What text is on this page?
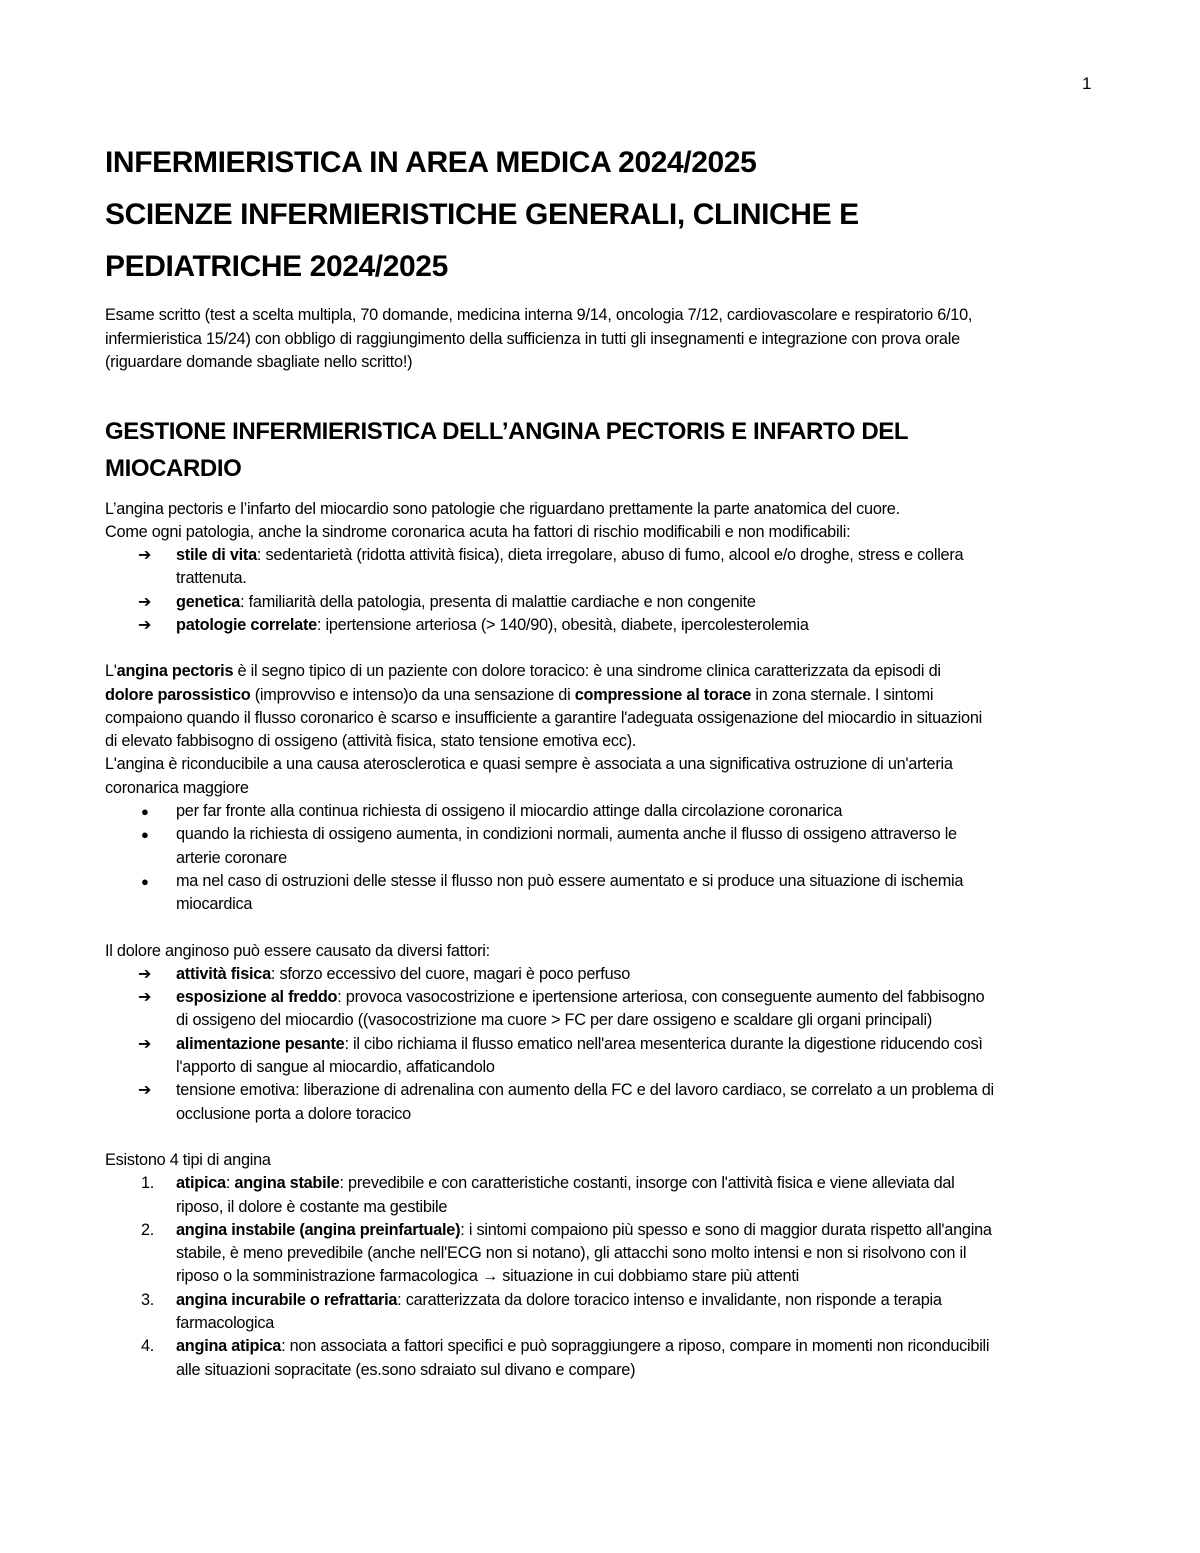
1
INFERMIERISTICA IN AREA MEDICA 2024/2025
SCIENZE INFERMIERISTICHE GENERALI, CLINICHE E
PEDIATRICHE 2024/2025

Esame scritto (test a scelta multipla, 70 domande, medicina interna 9/14, oncologia 7/12, cardiovascolare e respiratorio 6/10,
infermieristica 15/24) con obbligo di raggiungimento della sufficienza in tutti gli insegnamenti e integrazione con prova orale
(riguardare domande sbagliate nello scritto!)

GESTIONE INFERMIERISTICA DELL’ANGINA PECTORIS E INFARTO DEL
MIOCARDIO

L’angina pectoris e l’infarto del miocardio sono patologie che riguardano prettamente la parte anatomica del cuore.
Come ogni patologia, anche la sindrome coronarica acuta ha fattori di rischio modificabili e non modificabili:

➔	stile di vita: sedentarietà (ridotta attività fisica), dieta irregolare, abuso di fumo, alcool e/o droghe, stress e collera
trattenuta.
➔	genetica: familiarità della patologia, presenta di malattie cardiache e non congenite
➔	patologie correlate: ipertensione arteriosa (> 140/90), obesità, diabete, ipercolesterolemia

L'angina pectoris è il segno tipico di un paziente con dolore toracico: è una sindrome clinica caratterizzata da episodi di
dolore parossistico (improvviso e intenso)o da una sensazione di compressione al torace in zona sternale. I sintomi
compaiono quando il flusso coronarico è scarso e insufficiente a garantire l'adeguata ossigenazione del miocardio in situazioni
di elevato fabbisogno di ossigeno (attività fisica, stato tensione emotiva ecc).
L'angina è riconducibile a una causa aterosclerotica e quasi sempre è associata a una significativa ostruzione di un'arteria
coronarica maggiore

●	per far fronte alla continua richiesta di ossigeno il miocardio attinge dalla circolazione coronarica
●	quando la richiesta di ossigeno aumenta, in condizioni normali, aumenta anche il flusso di ossigeno attraverso le
arterie coronare
●	ma nel caso di ostruzioni delle stesse il flusso non può essere aumentato e si produce una situazione di ischemia
miocardica

Il dolore anginoso può essere causato da diversi fattori:

➔	attività fisica: sforzo eccessivo del cuore, magari è poco perfuso
➔	esposizione al freddo: provoca vasocostrizione e ipertensione arteriosa, con conseguente aumento del fabbisogno
di ossigeno del miocardio ((vasocostrizione ma cuore > FC per dare ossigeno e scaldare gli organi principali)
➔	alimentazione pesante: il cibo richiama il flusso ematico nell'area mesenterica durante la digestione riducendo così
l'apporto di sangue al miocardio, affaticandolo
➔	tensione emotiva: liberazione di adrenalina con aumento della FC e del lavoro cardiaco, se correlato a un problema di
occlusione porta a dolore toracico

Esistono 4 tipi di angina

1.	atipica: angina stabile: prevedibile e con caratteristiche costanti, insorge con l'attività fisica e viene alleviata dal
riposo, il dolore è costante ma gestibile
2.	angina instabile (angina preinfartuale): i sintomi compaiono più spesso e sono di maggior durata rispetto all'angina
stabile, è meno prevedibile (anche nell'ECG non si notano), gli attacchi sono molto intensi e non si risolvono con il
riposo o la somministrazione farmacologica → situazione in cui dobbiamo stare più attenti
3.	angina incurabile o refrattaria: caratterizzata da dolore toracico intenso e invalidante, non risponde a terapia
farmacologica
4.	angina atipica: non associata a fattori specifici e può sopraggiungere a riposo, compare in momenti non riconducibili
alle situazioni sopracitate (es.sono sdraiato sul divano e compare)
